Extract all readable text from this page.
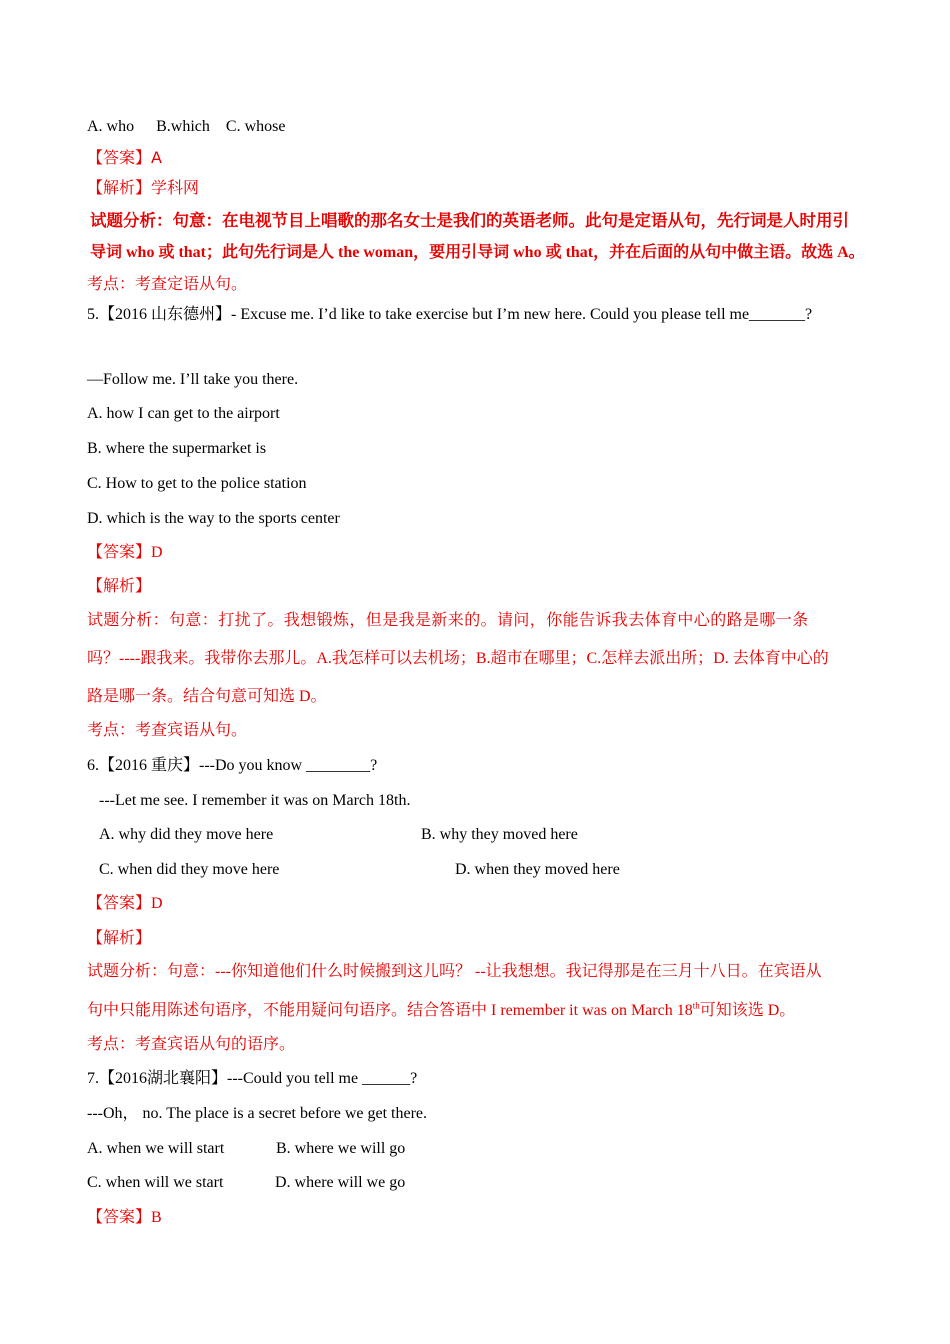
A. who B.which C. whose
【答案】A
【解析】学科网
试题分析：句意：在电视节目上唱歌的那名女士是我们的英语老师。此句是定语从句，先行词是人时用引
导词 who 或 that；此句先行词是人 the woman，要用引导词 who 或 that，并在后面的从句中做主语。故选 A。
考点：考查定语从句。
5.【2016 山东德州】- Excuse me. I’d like to take exercise but I’m new here. Could you please tell me_______?
—Follow me. I’ll take you there.
A. how I can get to the airport
B. where the supermarket is
C. How to get to the police station
D. which is the way to the sports center
【答案】D
【解析】
试题分析：句意：打扰了。我想锻炼，但是我是新来的。请问，你能告诉我去体育中心的路是哪一条
吗？----跟我来。我带你去那儿。A.我怎样可以去机场；B.超市在哪里；C.怎样去派出所；D. 去体育中心的
路是哪一条。结合句意可知选 D。
考点：考查宾语从句。
6.【2016 重庆】---Do you know ________?
---Let me see. I remember it was on March 18th.
A. why did they move here	B. why they moved here
C. when did they move here	D. when they moved here
【答案】D
【解析】
试题分析：句意：---你知道他们什么时候搬到这儿吗？ --让我想想。我记得那是在三月十八日。在宾语从
句中只能用陈述句语序，不能用疑问句语序。结合答语中 I remember it was on March 18th可知该选 D。
考点：考查宾语从句的语序。
7.【2016湖北襄阳】---Could you tell me ______?
---Oh， no. The place is a secret before we get there.
A. when we will start	B. where we will go
C. when will we start	D. where will we go
【答案】B
